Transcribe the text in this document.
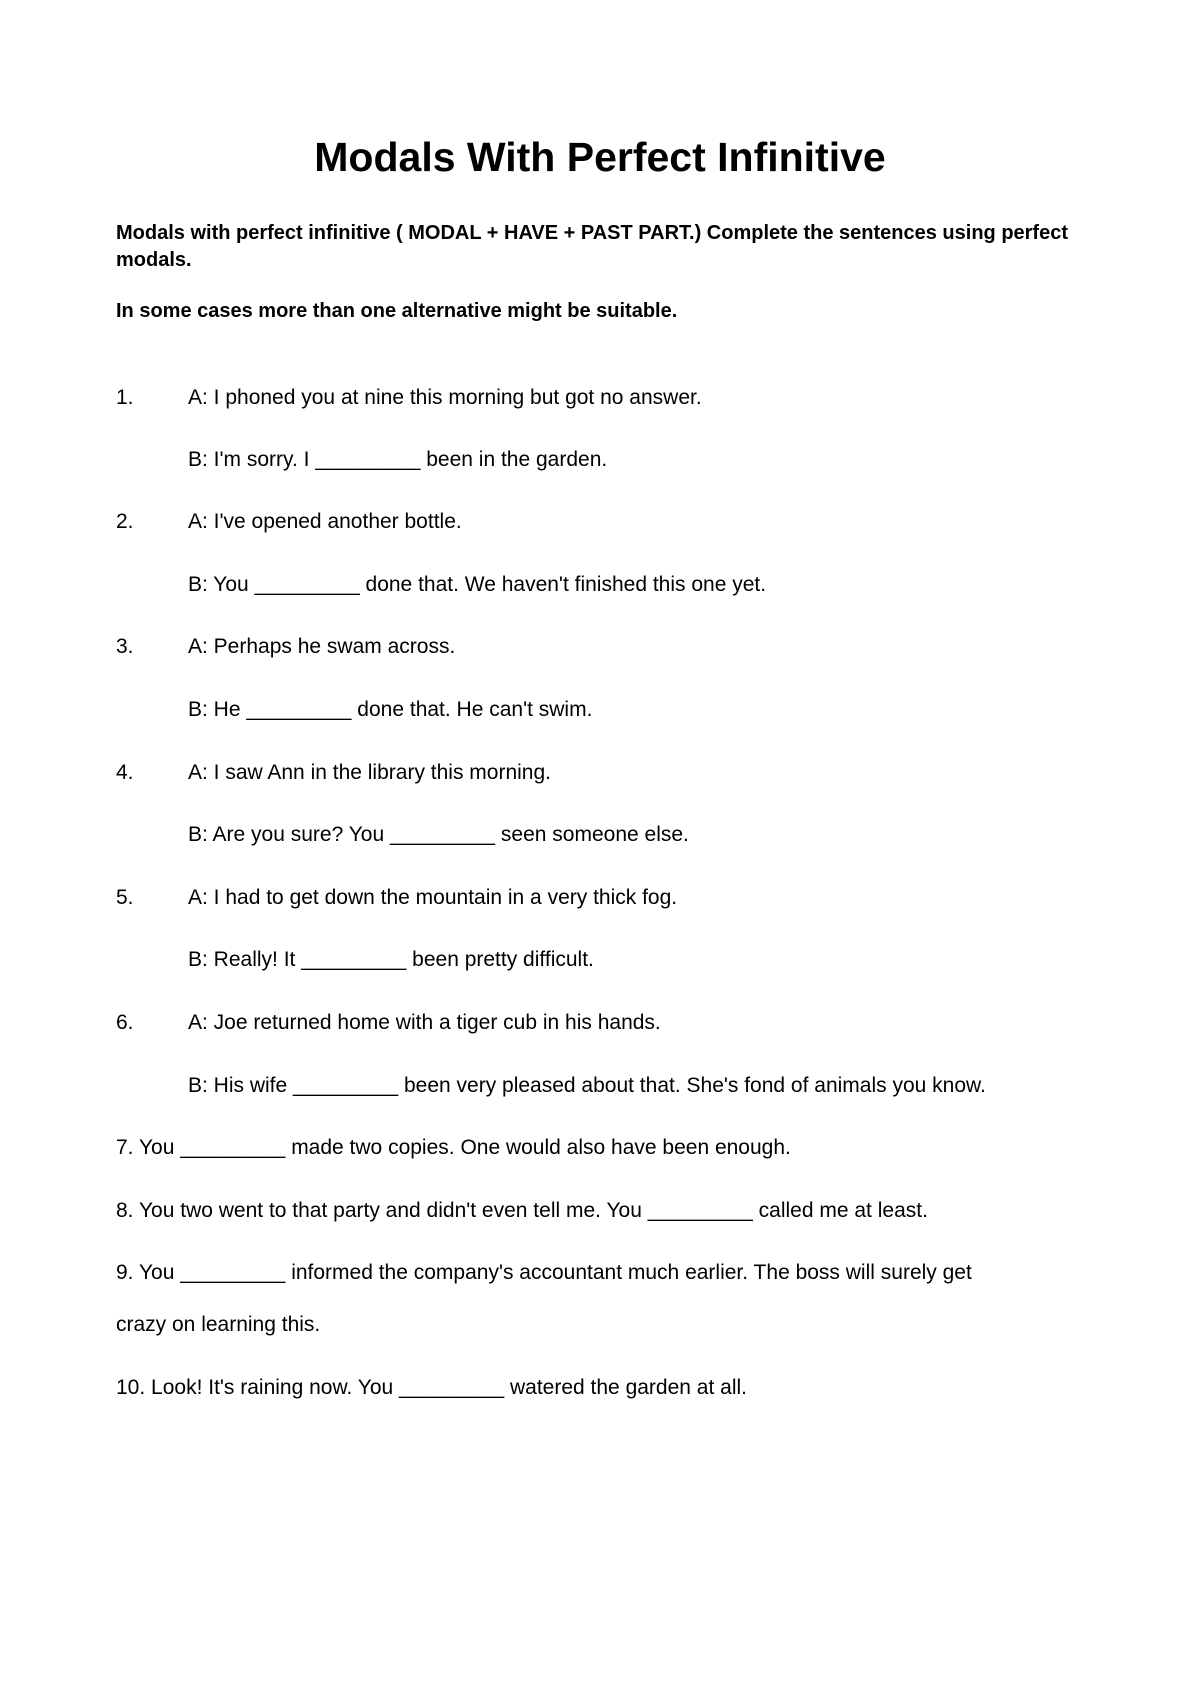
Modals With Perfect Infinitive
Modals with perfect infinitive ( MODAL + HAVE + PAST PART.) Complete the sentences using perfect modals.
In some cases more than one alternative might be suitable.
1.	A: I phoned you at nine this morning but got no answer.
B: I'm sorry. I _________ been in the garden.
2.	A: I've opened another bottle.
B: You _________ done that. We haven't finished this one yet.
3.	A: Perhaps he swam across.
B: He _________ done that. He can't swim.
4.	A: I saw Ann in the library this morning.
B: Are you sure? You _________ seen someone else.
5.	A: I had to get down the mountain in a very thick fog.
B: Really! It _________ been pretty difficult.
6.	A: Joe returned home with a tiger cub in his hands.
B: His wife _________ been very pleased about that. She's fond of animals you know.
7. You _________ made two copies. One would also have been enough.
8. You two went to that party and didn't even tell me. You _________ called me at least.
9. You _________ informed the company's accountant much earlier. The boss will surely get
crazy on learning this.
10. Look! It's raining now. You _________ watered the garden at all.
